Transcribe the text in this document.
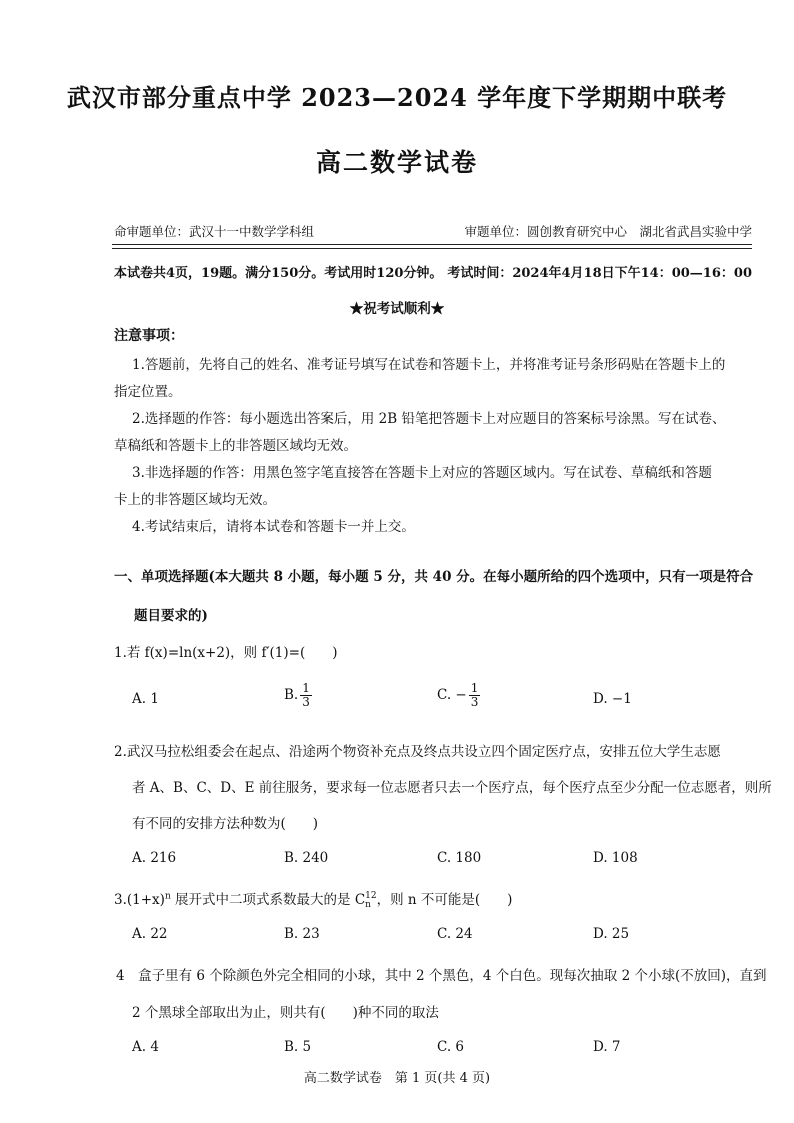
武汉市部分重点中学 2023—2024 学年度下学期期中联考
高二数学试卷
命审题单位：武汉十一中数学学科组	审题单位：圆创教育研究中心　湖北省武昌实验中学
本试卷共4页，19题。满分150分。考试用时120分钟。 考试时间：2024年4月18日下午14：00—16：00
★祝考试顺利★
注意事项：
1.答题前，先将自己的姓名、准考证号填写在试卷和答题卡上，并将准考证号条形码贴在答题卡上的
指定位置。
2.选择题的作答：每小题选出答案后，用 2B 铅笔把答题卡上对应题目的答案标号涂黑。写在试卷、
草稿纸和答题卡上的非答题区域均无效。
3.非选择题的作答：用黑色签字笔直接答在答题卡上对应的答题区域内。写在试卷、草稿纸和答题
卡上的非答题区域均无效。
4.考试结束后，请将本试卷和答题卡一并上交。
一、单项选择题(本大题共 8 小题，每小题 5 分，共 40 分。在每小题所给的四个选项中，只有一项是符合
题目要求的)
1.若 f(x)=ln(x+2)，则 f′(1)=(　　)
A. 1	B. $\frac{1}{3}$	C. − $\frac{1}{3}$	D. −1
2.武汉马拉松组委会在起点、沿途两个物资补充点及终点共设立四个固定医疗点，安排五位大学生志愿
者 A、B、C、D、E 前往服务，要求每一位志愿者只去一个医疗点，每个医疗点至少分配一位志愿者，则所
有不同的安排方法种数为(　　)
A. 216	B. 240	C. 180	D. 108
$3.(1+x)^n$ 展开式中二项式系数最大的是 C 12
n ，则 n 不可能是(　　)
A. 22	B. 23	C. 24	D. 25
4　盒子里有 6 个除颜色外完全相同的小球，其中 2 个黑色，4 个白色。现每次抽取 2 个小球(不放回)，直到
2 个黑球全部取出为止，则共有(　　)种不同的取法
A. 4	B. 5	C. 6	D. 7
高二数学试卷　第 1 页(共 4 页)
